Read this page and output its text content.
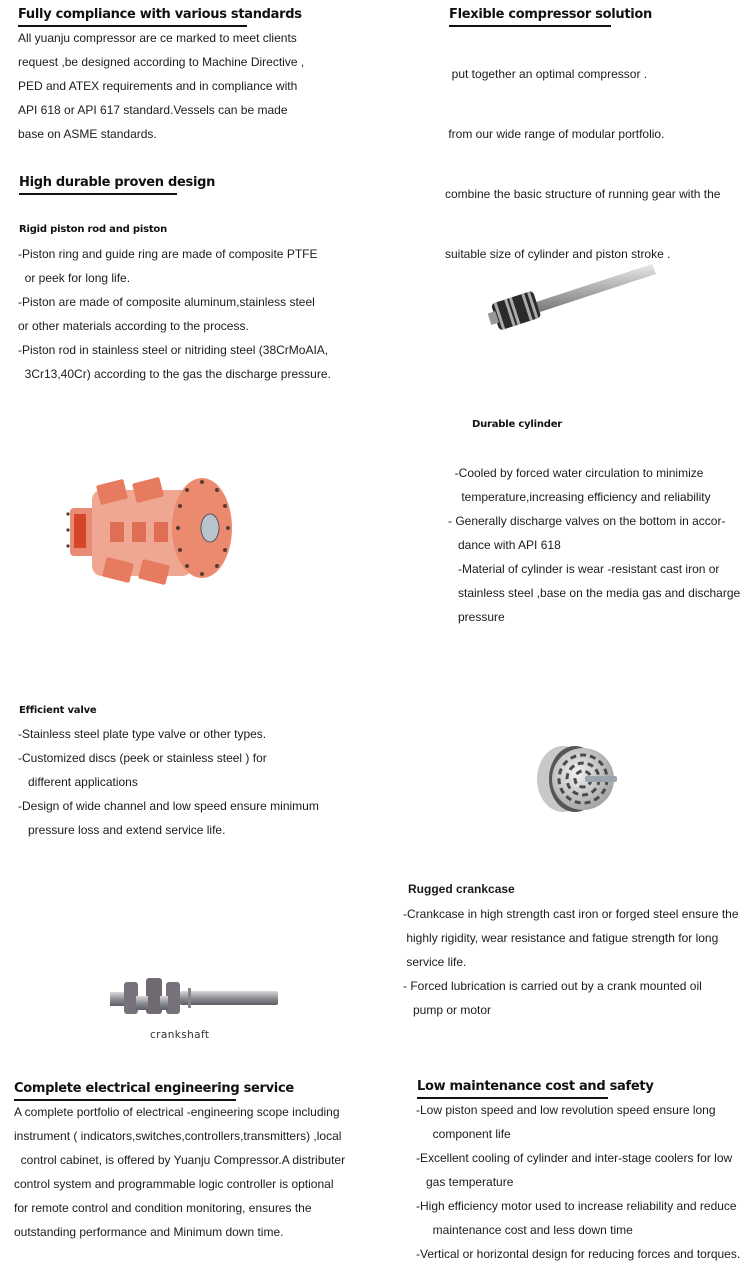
Fully compliance with various standards
All yuanju compressor are ce marked to meet clients
request ,be designed according to Machine Directive ,
PED and ATEX requirements and in compliance with
API 618 or API 617 standard.Vessels can be made
base on ASME standards.
Flexible compressor solution

put together an optimal compressor .

from our wide range of modular portfolio.

combine the basic structure of running gear with the

suitable size of cylinder and piston stroke .

High durable proven design
Rigid piston rod and piston
-Piston ring and guide ring are made of composite PTFE
or peek for long life.
-Piston are made of composite aluminum,stainless steel
or other materials according to the process.
-Piston rod in stainless steel or nitriding steel (38CrMoAIA,
3Cr13,40Cr) according to the gas the discharge pressure.
Durable cylinder
-Cooled by forced water circulation to minimize
temperature,increasing efficiency and reliability
- Generally discharge valves on the bottom in accor-
dance with API 618
-Material of cylinder is wear -resistant cast iron or
stainless steel ,base on the media gas and discharge
pressure
Efficient valve
-Stainless steel plate type valve or other types.
-Customized discs (peek or stainless steel ) for
different applications
-Design of wide channel and low speed ensure minimum
pressure loss and extend service life.
Rugged crankcase
-Crankcase in high strength cast iron or forged steel ensure the
highly rigidity, wear resistance and fatigue strength for long
service life.
- Forced lubrication is carried out by a crank mounted oil
pump or motor
crankshaft
Complete electrical engineering service
A complete portfolio of electrical -engineering scope including
instrument ( indicators,switches,controllers,transmitters) ,local
control cabinet, is offered by Yuanju Compressor.A distributer
control system and programmable logic controller is optional
for remote control and condition monitoring, ensures the
outstanding performance and Minimum down time.
Low maintenance cost and safety
-Low piston speed and low revolution speed ensure long
component life
-Excellent cooling of cylinder and inter-stage coolers for low
gas temperature
-High efficiency motor used to increase reliability and reduce
maintenance cost and less down time
-Vertical or horizontal design for reducing forces and torques.
